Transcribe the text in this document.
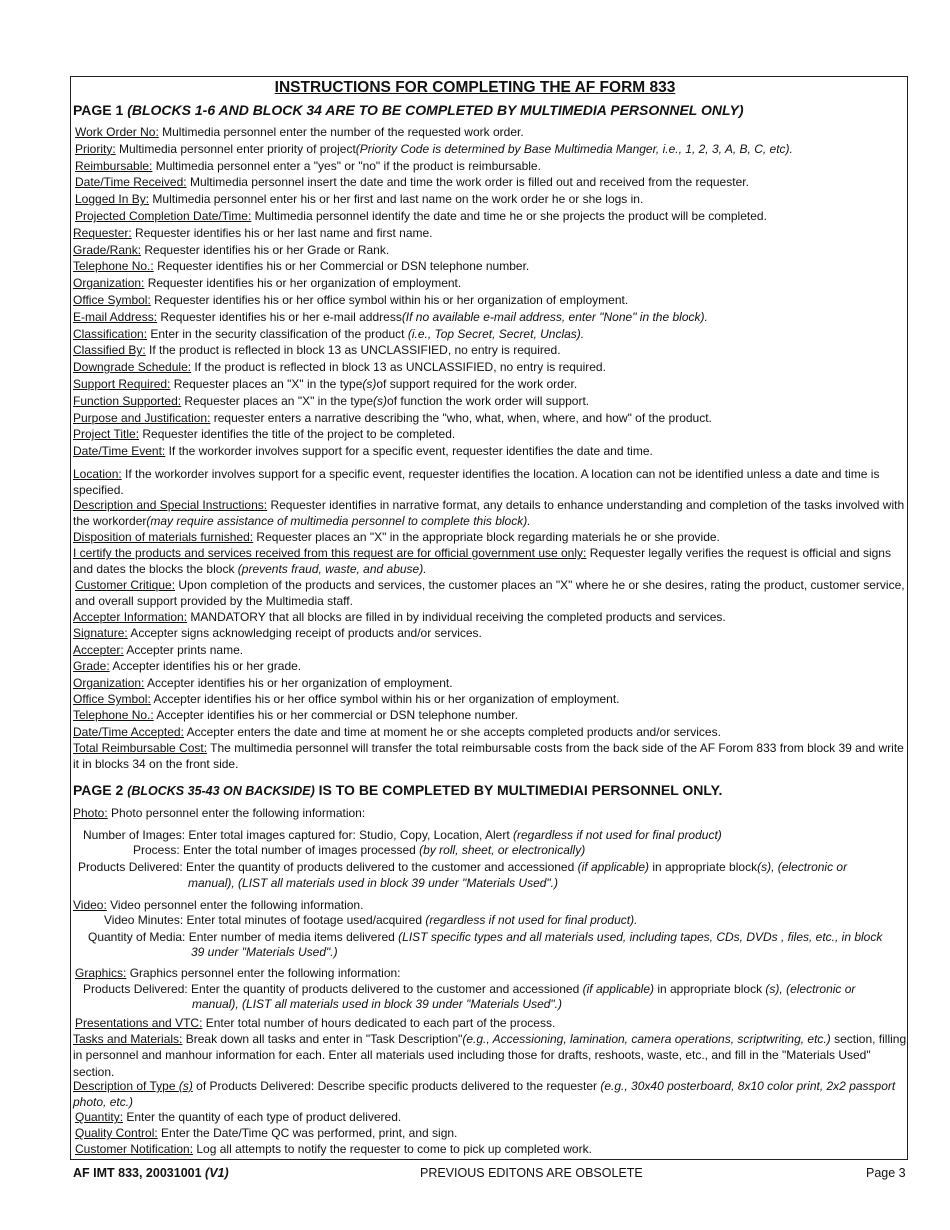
INSTRUCTIONS FOR COMPLETING THE AF FORM 833
PAGE 1 (BLOCKS 1-6 AND BLOCK 34 ARE TO BE COMPLETED BY MULTIMEDIA PERSONNEL ONLY)
Work Order No: Multimedia personnel enter the number of the requested work order.
Priority: Multimedia personnel enter priority of project(Priority Code is determined by Base Multimedia Manger, i.e., 1, 2, 3, A, B, C, etc).
Reimbursable: Multimedia personnel enter a "yes" or "no" if the product is reimbursable.
Date/Time Received: Multimedia personnel insert the date and time the work order is filled out and received from the requester.
Logged In By: Multimedia personnel enter his or her first and last name on the work order he or she logs in.
Projected Completion Date/Time: Multimedia personnel identify the date and time he or she projects the product will be completed.
Requester: Requester identifies his or her last name and first name.
Grade/Rank: Requester identifies his or her Grade or Rank.
Telephone No.: Requester identifies his or her Commercial or DSN telephone number.
Organization: Requester identifies his or her organization of employment.
Office Symbol: Requester identifies his or her office symbol within his or her organization of employment.
E-mail Address: Requester identifies his or her e-mail address(If no available e-mail address, enter "None" in the block).
Classification: Enter in the security classification of the product (i.e., Top Secret, Secret, Unclas).
Classified By: If the product is reflected in block 13 as UNCLASSIFIED, no entry is required.
Downgrade Schedule: If the product is reflected in block 13 as UNCLASSIFIED, no entry is required.
Support Required: Requester places an "X" in the type(s)of support required for the work order.
Function Supported: Requester places an "X" in the type(s)of function the work order will support.
Purpose and Justification: requester enters a narrative describing the "who, what, when, where, and how" of the product.
Project Title: Requester identifies the title of the project to be completed.
Date/Time Event: If the workorder involves support for a specific event, requester identifies the date and time.
Location: If the workorder involves support for a specific event, requester identifies the location. A location can not be identified unless a date and time is specified.
Description and Special Instructions: Requester identifies in narrative format, any details to enhance understanding and completion of the tasks involved with the workorder(may require assistance of multimedia personnel to complete this block).
Disposition of materials furnished: Requester places an "X" in the appropriate block regarding materials he or she provide.
I certify the products and services received from this request are for official government use only: Requester legally verifies the request is official and signs and dates the blocks the block (prevents fraud, waste, and abuse).
Customer Critique: Upon completion of the products and services, the customer places an "X" where he or she desires, rating the product, customer service, and overall support provided by the Multimedia staff.
Accepter Information: MANDATORY that all blocks are filled in by individual receiving the completed products and services.
Signature: Accepter signs acknowledging receipt of products and/or services.
Accepter: Accepter prints name.
Grade: Accepter identifies his or her grade.
Organization: Accepter identifies his or her organization of employment.
Office Symbol: Accepter identifies his or her office symbol within his or her organization of employment.
Telephone No.: Accepter identifies his or her commercial or DSN telephone number.
Date/Time Accepted: Accepter enters the date and time at moment he or she accepts completed products and/or services.
Total Reimbursable Cost: The multimedia personnel will transfer the total reimbursable costs from the back side of the AF Forom 833 from block 39 and write it in blocks 34 on the front side.
PAGE 2 (BLOCKS 35-43 ON BACKSIDE) IS TO BE COMPLETED BY MULTIMEDIAI PERSONNEL ONLY.
Photo: Photo personnel enter the following information:
Number of Images: Enter total images captured for: Studio, Copy, Location, Alert (regardless if not used for final product)
Process: Enter the total number of images processed (by roll, sheet, or electronically)
Products Delivered: Enter the quantity of products delivered to the customer and accessioned (if applicable) in appropriate block(s), (electronic or
manual), (LIST all materials used in block 39 under "Materials Used".)
Video: Video personnel enter the following information.
Video Minutes: Enter total minutes of footage used/acquired (regardless if not used for final product).
Quantity of Media: Enter number of media items delivered (LIST specific types and all materials used, including tapes, CDs, DVDs , files, etc., in block
39 under "Materials Used".)
Graphics: Graphics personnel enter the following information:
Products Delivered: Enter the quantity of products delivered to the customer and accessioned (if applicable) in appropriate block (s), (electronic or
manual), (LIST all materials used in block 39 under "Materials Used".)
Presentations and VTC: Enter total number of hours dedicated to each part of the process.
Tasks and Materials: Break down all tasks and enter in "Task Description"(e.g., Accessioning, lamination, camera operations, scriptwriting, etc.) section, filling in personnel and manhour information for each. Enter all materials used including those for drafts, reshoots, waste, etc., and fill in the "Materials Used" section.
Description of Type (s) of Products Delivered: Describe specific products delivered to the requester (e.g., 30x40 posterboard, 8x10 color print, 2x2 passport photo, etc.)
Quantity: Enter the quantity of each type of product delivered.
Quality Control: Enter the Date/Time QC was performed, print, and sign.
Customer Notification: Log all attempts to notify the requester to come to pick up completed work.
AF IMT 833, 20031001 (V1)	PREVIOUS EDITONS ARE OBSOLETE	Page 3
